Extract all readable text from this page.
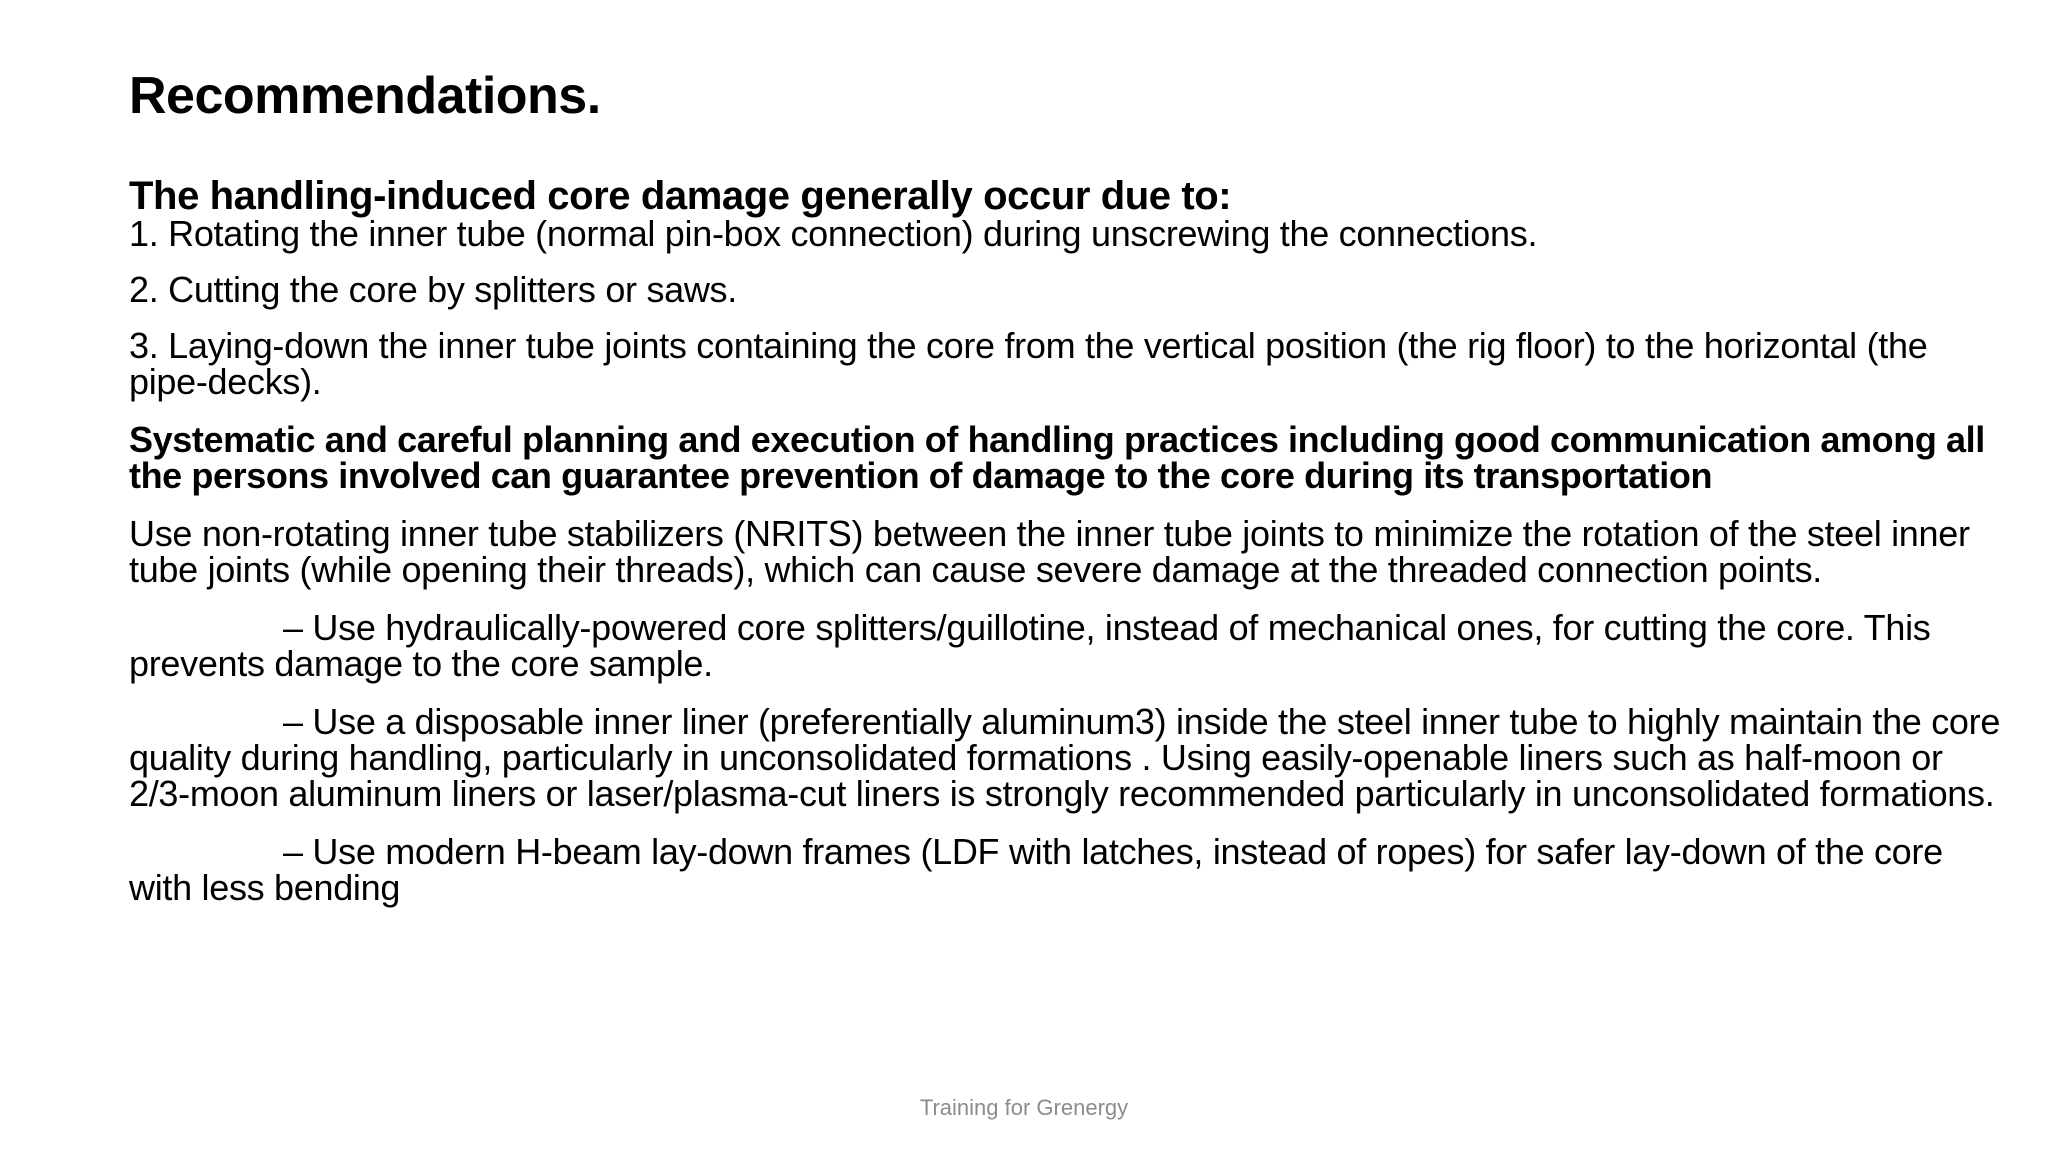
Recommendations.

The handling-induced core damage generally occur due to:

1. Rotating the inner tube (normal pin-box connection) during unscrewing the connections.

2. Cutting the core by splitters or saws.

3. Laying-down the inner tube joints containing the core from the vertical position (the rig floor) to the horizontal (the pipe-decks).

Systematic and careful planning and execution of handling practices including good communication among all the persons involved can guarantee prevention of damage to the core during its transportation

Use non-rotating inner tube stabilizers (NRITS) between the inner tube joints to minimize the rotation of the steel inner tube joints (while opening their threads), which can cause severe damage at the threaded connection points.

– Use hydraulically-powered core splitters/guillotine, instead of mechanical ones, for cutting the core. This prevents damage to the core sample.

– Use a disposable inner liner (preferentially aluminum3) inside the steel inner tube to highly maintain the core quality during handling, particularly in unconsolidated formations . Using easily-openable liners such as half-moon or 2/3-moon aluminum liners or laser/plasma-cut liners is strongly recommended particularly in unconsolidated formations.

– Use modern H-beam lay-down frames (LDF with latches, instead of ropes) for safer lay-down of the core with less bending

Training for Grenergy
